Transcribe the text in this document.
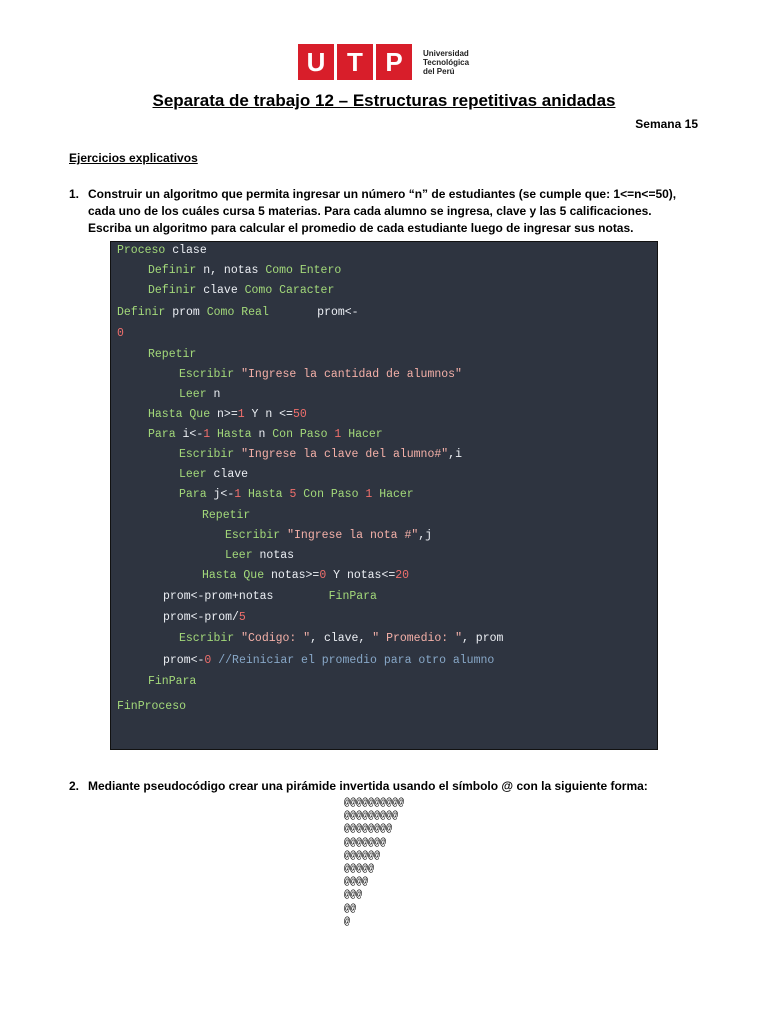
U T P	Universidad
Tecnológica
del Perú
Separata de trabajo 12 – Estructuras repetitivas anidadas
Semana 15
Ejercicios explicativos
1. Construir un algoritmo que permita ingresar un número “n” de estudiantes (se cumple que: 1<=n<=50), cada uno de los cuáles cursa 5 materias. Para cada alumno se ingresa, clave y las 5 calificaciones. Escriba un algoritmo para calcular el promedio de cada estudiante luego de ingresar sus notas.
Proceso clase
Definir n, notas Como Entero
Definir clave Como Caracter
Definir prom Como Real       prom<-
0
Repetir
Escribir "Ingrese la cantidad de alumnos"
Leer n
Hasta Que n>=1 Y n <=50
Para i<-1 Hasta n Con Paso 1 Hacer
Escribir "Ingrese la clave del alumno#",i
Leer clave
Para j<-1 Hasta 5 Con Paso 1 Hacer
Repetir
Escribir "Ingrese la nota #",j
Leer notas
Hasta Que notas>=0 Y notas<=20
prom<-prom+notas        FinPara
prom<-prom/5
Escribir "Codigo: ", clave, " Promedio: ", prom
prom<-0 //Reiniciar el promedio para otro alumno
FinPara
FinProceso
2. Mediante pseudocódigo crear una pirámide invertida usando el símbolo @ con la siguiente forma:
@@@@@@@@@@
@@@@@@@@@
@@@@@@@@
@@@@@@@
@@@@@@
@@@@@
@@@@
@@@
@@
@
